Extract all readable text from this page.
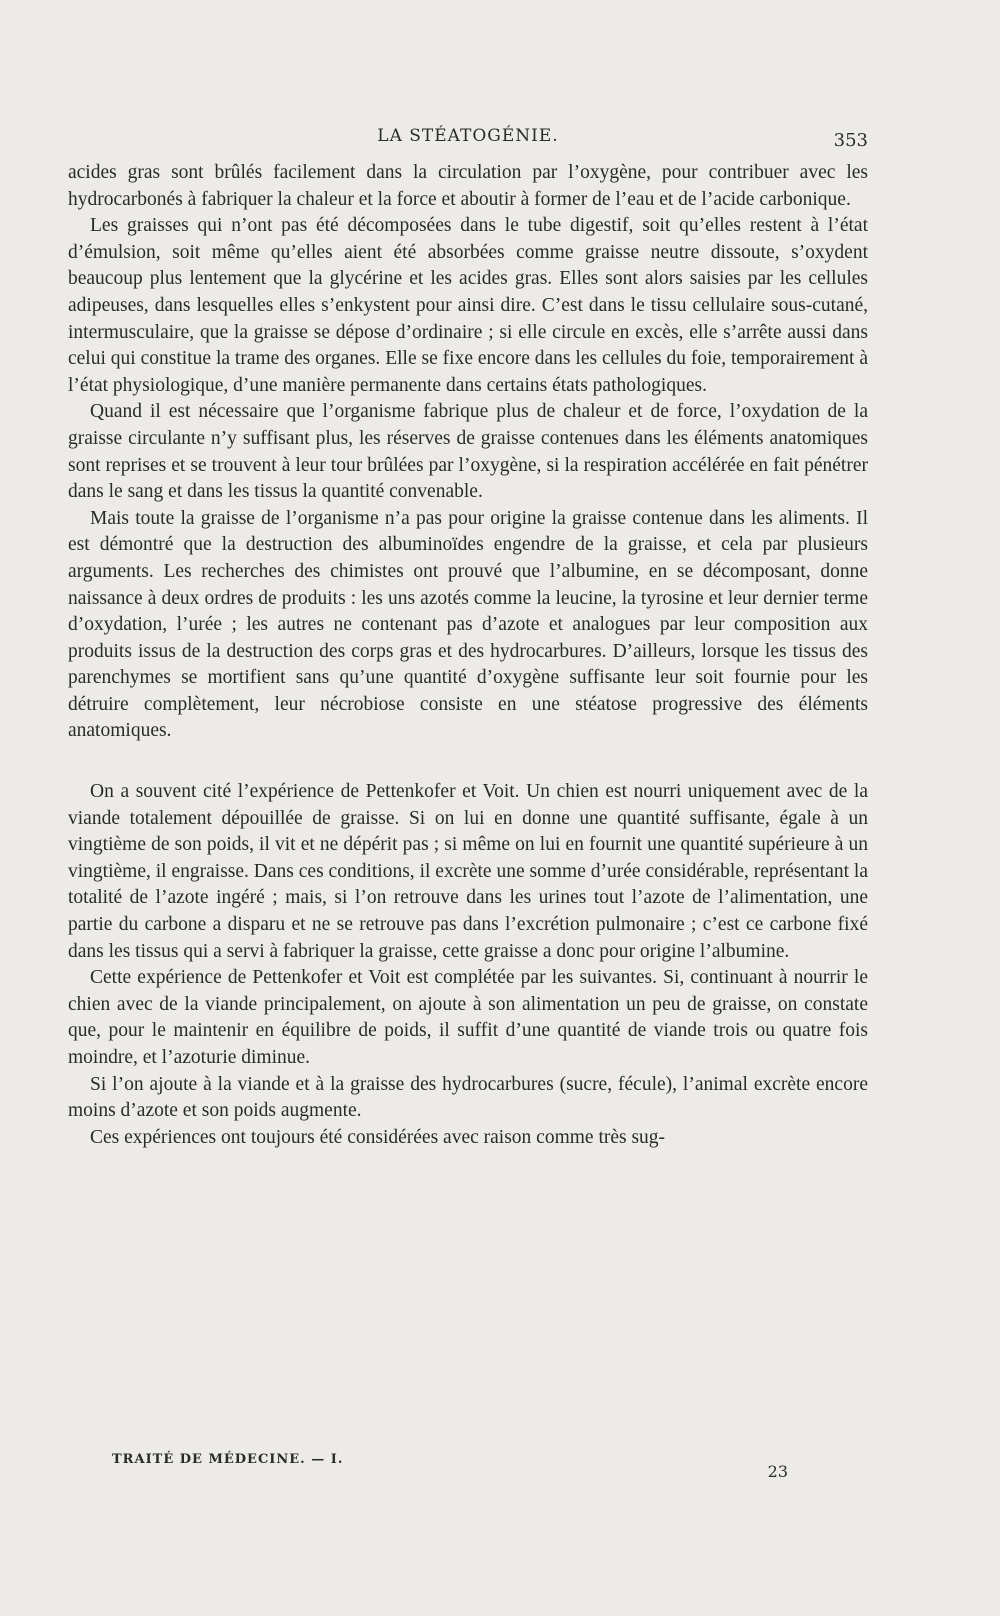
LA STÉATOGÉNIE.	353

acides gras sont brûlés facilement dans la circulation par l’oxygène, pour contribuer avec les hydrocarbonés à fabriquer la chaleur et la force et aboutir à former de l’eau et de l’acide carbonique.

Les graisses qui n’ont pas été décomposées dans le tube digestif, soit qu’elles restent à l’état d’émulsion, soit même qu’elles aient été absorbées comme graisse neutre dissoute, s’oxydent beaucoup plus lentement que la glycérine et les acides gras. Elles sont alors saisies par les cellules adipeuses, dans lesquelles elles s’enkystent pour ainsi dire. C’est dans le tissu cellulaire sous-cutané, intermusculaire, que la graisse se dépose d’ordinaire ; si elle circule en excès, elle s’arrête aussi dans celui qui constitue la trame des organes. Elle se fixe encore dans les cellules du foie, temporairement à l’état physiologique, d’une manière permanente dans certains états pathologiques.

Quand il est nécessaire que l’organisme fabrique plus de chaleur et de force, l’oxydation de la graisse circulante n’y suffisant plus, les réserves de graisse contenues dans les éléments anatomiques sont reprises et se trouvent à leur tour brûlées par l’oxygène, si la respiration accélérée en fait pénétrer dans le sang et dans les tissus la quantité convenable.

Mais toute la graisse de l’organisme n’a pas pour origine la graisse contenue dans les aliments. Il est démontré que la destruction des albuminoïdes engendre de la graisse, et cela par plusieurs arguments. Les recherches des chimistes ont prouvé que l’albumine, en se décomposant, donne naissance à deux ordres de produits : les uns azotés comme la leucine, la tyrosine et leur dernier terme d’oxydation, l’urée ; les autres ne contenant pas d’azote et analogues par leur composition aux produits issus de la destruction des corps gras et des hydrocarbures. D’ailleurs, lorsque les tissus des parenchymes se mortifient sans qu’une quantité d’oxygène suffisante leur soit fournie pour les détruire complètement, leur nécrobiose consiste en une stéatose progressive des éléments anatomiques.

On a souvent cité l’expérience de Pettenkofer et Voit. Un chien est nourri uniquement avec de la viande totalement dépouillée de graisse. Si on lui en donne une quantité suffisante, égale à un vingtième de son poids, il vit et ne dépérit pas ; si même on lui en fournit une quantité supérieure à un vingtième, il engraisse. Dans ces conditions, il excrète une somme d’urée considérable, représentant la totalité de l’azote ingéré ; mais, si l’on retrouve dans les urines tout l’azote de l’alimentation, une partie du carbone a disparu et ne se retrouve pas dans l’excrétion pulmonaire ; c’est ce carbone fixé dans les tissus qui a servi à fabriquer la graisse, cette graisse a donc pour origine l’albumine.

Cette expérience de Pettenkofer et Voit est complétée par les suivantes. Si, continuant à nourrir le chien avec de la viande principalement, on ajoute à son alimentation un peu de graisse, on constate que, pour le maintenir en équilibre de poids, il suffit d’une quantité de viande trois ou quatre fois moindre, et l’azoturie diminue.

Si l’on ajoute à la viande et à la graisse des hydrocarbures (sucre, fécule), l’animal excrète encore moins d’azote et son poids augmente.

Ces expériences ont toujours été considérées avec raison comme très sug-

TRAITÉ DE MÉDECINE. — I.
23
